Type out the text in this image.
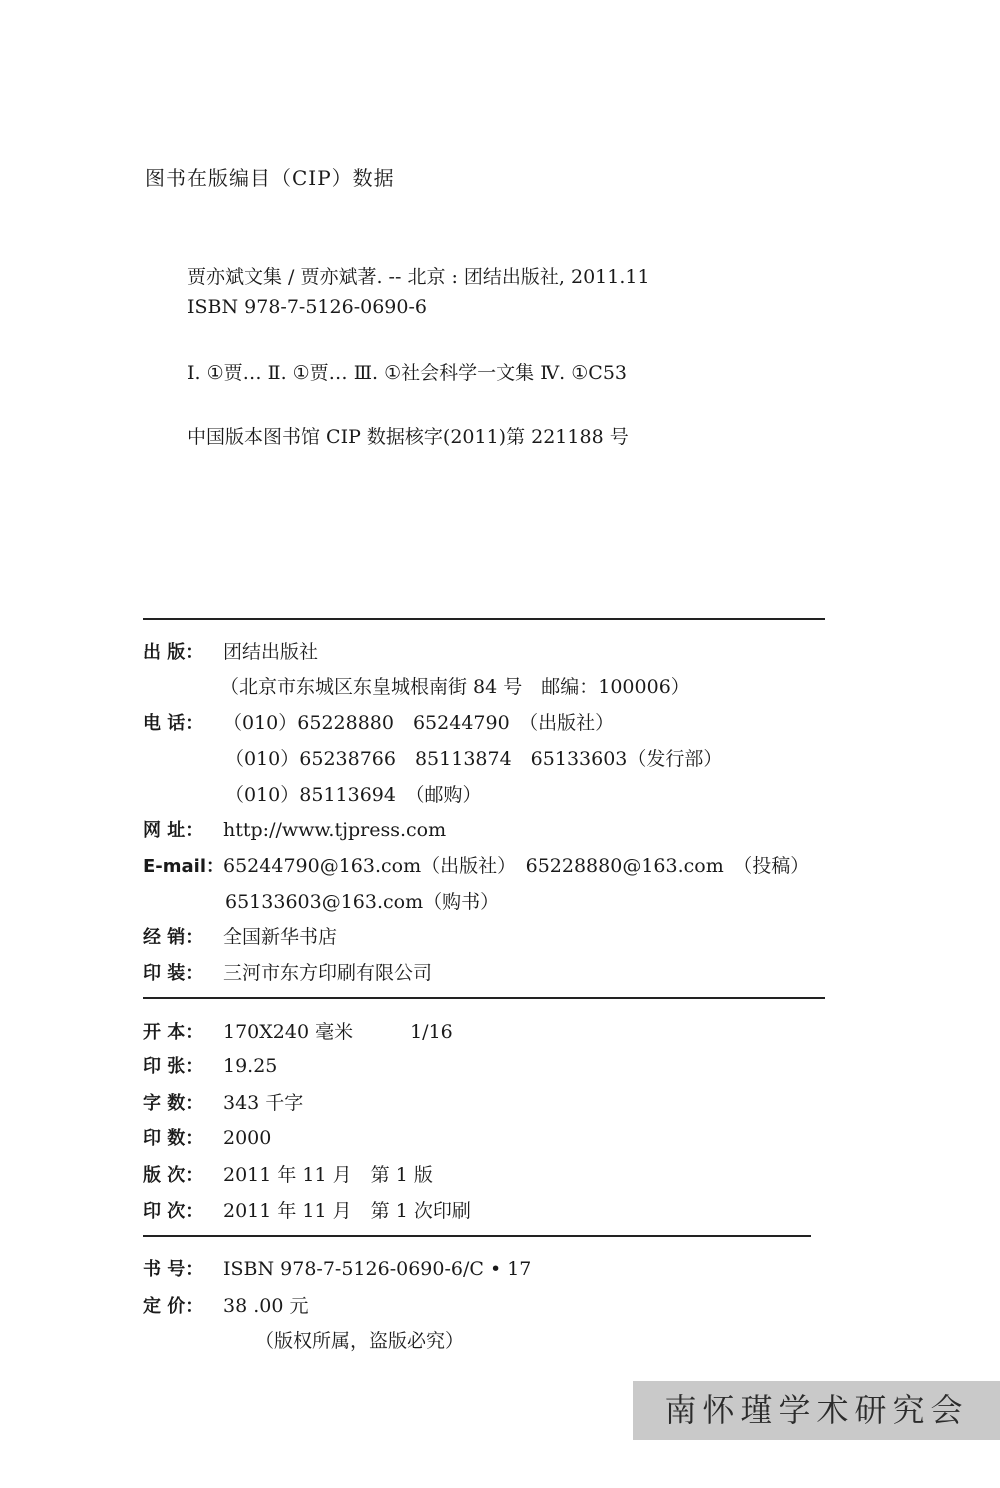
图书在版编目（CIP）数据
贾亦斌文集 / 贾亦斌著. -- 北京 : 团结出版社, 2011.11
ISBN 978-7-5126-0690-6
Ⅰ. ①贾… Ⅱ. ①贾… Ⅲ. ①社会科学一文集 Ⅳ. ①C53
中国版本图书馆 CIP 数据核字(2011)第 221188 号
出 版： 团结出版社
（北京市东城区东皇城根南街 84 号　邮编：100006）
电 话： （010）65228880　65244790　（出版社）
（010）65238766　85113874　65133603（发行部）
（010）85113694　（邮购）
网 址： http://www.tjpress.com
E-mail：65244790@163.com（出版社）　65228880@163.com　（投稿）
65133603@163.com（购书）
经 销： 全国新华书店
印 装： 三河市东方印刷有限公司
开 本： 170X240 毫米　　　1/16
印 张： 19.25
字 数： 343 千字
印 数： 2000
版 次： 2011 年 11 月　第 1 版
印 次： 2011 年 11 月　第 1 次印刷
书 号： ISBN 978-7-5126-0690-6/C • 17
定 价： 38 .00 元
（版权所属，盗版必究）
南怀瑾学术研究会
